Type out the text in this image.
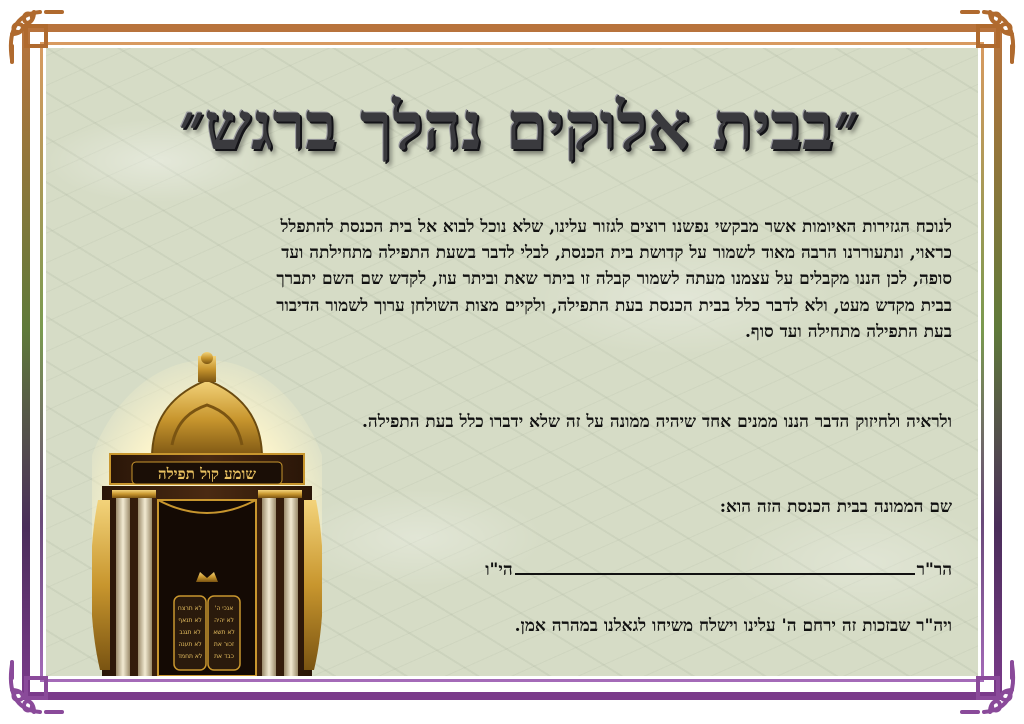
״בבית אלוקים נהלך ברגש״
לנוכח הגזירות האיומות אשר מבקשי נפשנו רוצים לגזור עלינו, שלא נוכל לבוא אל בית הכנסת להתפלל כראוי, ונתעוררנו הרבה מאוד לשמור על קדושת בית הכנסת, לבלי לדבר בשעת התפילה מתחילתה ועד סופה, לכן הננו מקבלים על עצמנו מעתה לשמור קבלה זו ביתר שאת וביתר עוז, לקדש שם השם יתברך בבית מקדש מעט, ולא לדבר כלל בבית הכנסת בעת התפילה, ולקיים מצות השולחן ערוך לשמור הדיבור בעת התפילה מתחילה ועד סוף.
ולראיה ולחיזוק הדבר הננו ממנים אחד שיהיה ממונה על זה שלא ידברו כלל בעת התפילה.
שם הממונה בבית הכנסת הזה הוא:
הר"רהי"ו
ויה"ר שבזכות זה ירחם ה' עלינו וישלח משיחו לגאלנו במהרה אמן.
שומע קול תפילה
לא תרצח
לא תנאף
לא תגנב
לא תענה
לא תחמד
אנכי ה'
לא יהיה
לא תשא
זכור את
כבד את
